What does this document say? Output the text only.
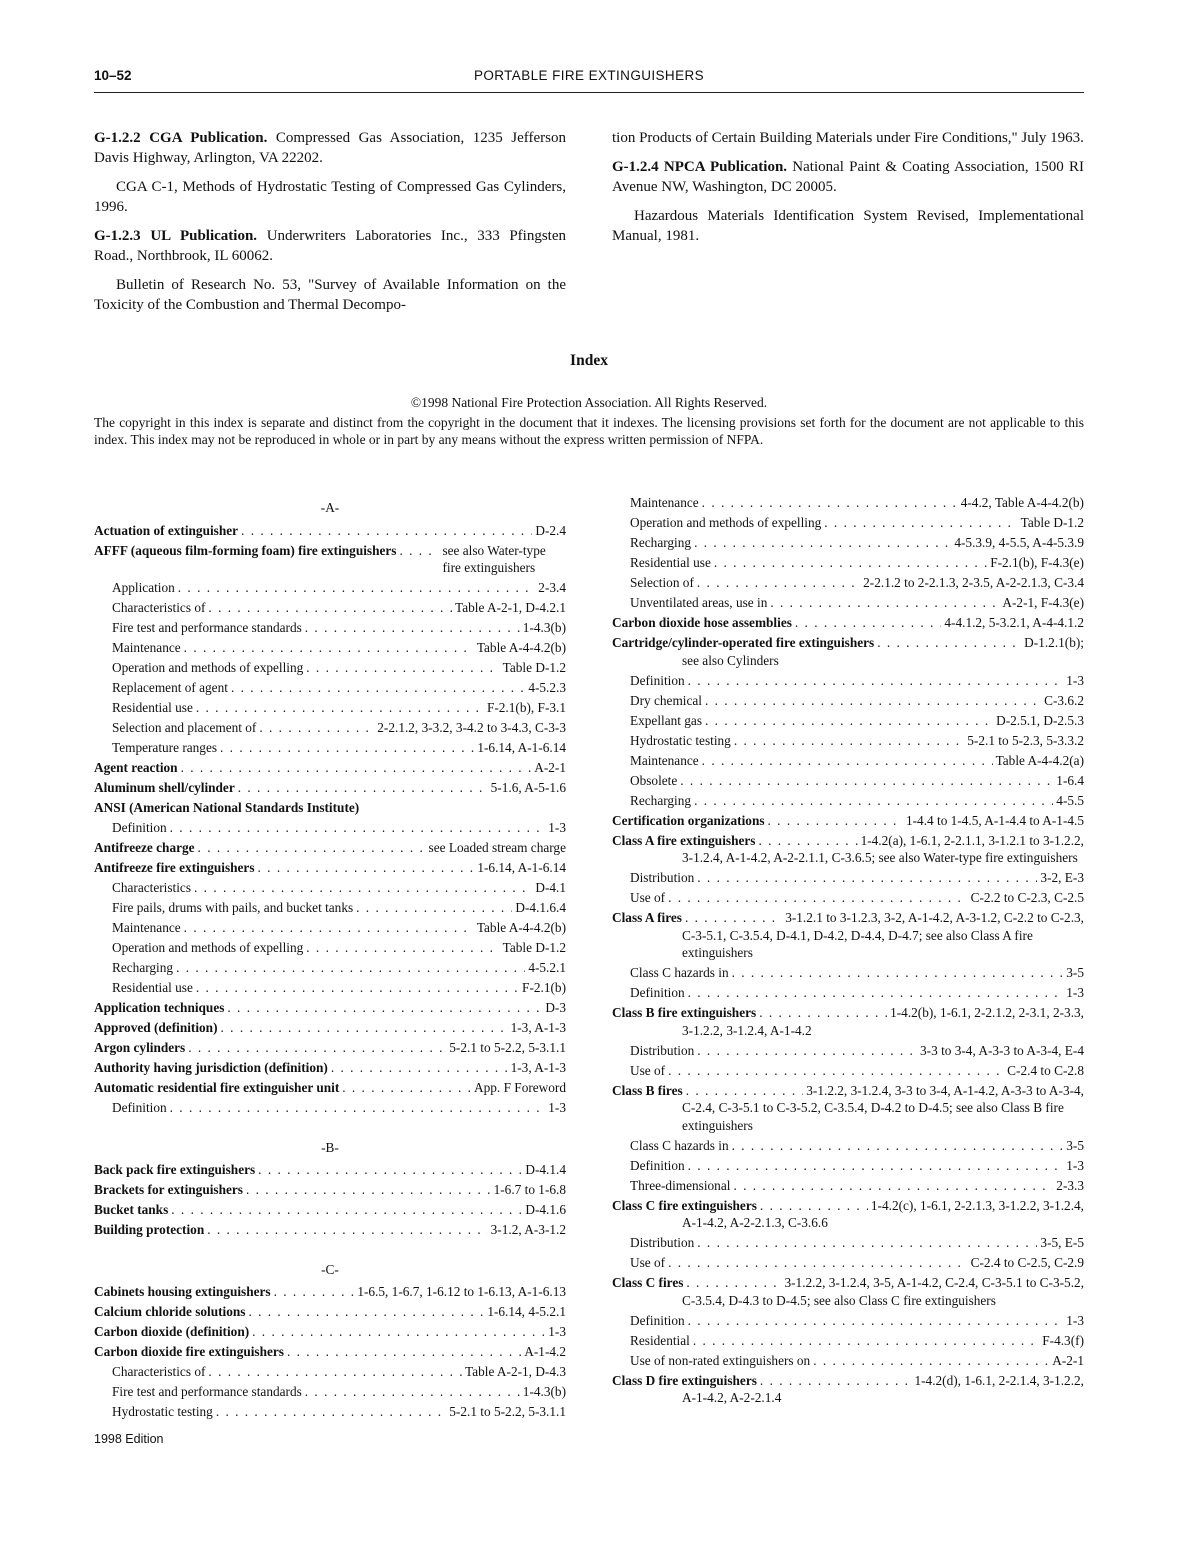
10–52	PORTABLE FIRE EXTINGUISHERS

G-1.2.2 CGA Publication. Compressed Gas Association, 1235 Jefferson Davis Highway, Arlington, VA 22202.

CGA C-1, Methods of Hydrostatic Testing of Compressed Gas Cylinders, 1996.

G-1.2.3 UL Publication. Underwriters Laboratories Inc., 333 Pfingsten Road., Northbrook, IL 60062.

Bulletin of Research No. 53, "Survey of Available Information on the Toxicity of the Combustion and Thermal Decompo-

tion Products of Certain Building Materials under Fire Conditions," July 1963.

G-1.2.4 NPCA Publication. National Paint & Coating Association, 1500 RI Avenue NW, Washington, DC 20005.

Hazardous Materials Identification System Revised, Implementational Manual, 1981.

Index
©1998 National Fire Protection Association. All Rights Reserved.
The copyright in this index is separate and distinct from the copyright in the document that it indexes. The licensing provisions set forth for the document are not applicable to this index. This index may not be reproduced in whole or in part by any means without the express written permission of NFPA.
-A-
Actuation of extinguisher . . .	D-2.4
AFFF (aqueous film-forming foam) fire extinguishers . . .	see also Water-type fire extinguishers
Application . . .	2-3.4
Characteristics of . . .	Table A-2-1, D-4.2.1
Fire test and performance standards . . .	1-4.3(b)
Maintenance . . .	Table A-4-4.2(b)
Operation and methods of expelling . . .	Table D-1.2
Replacement of agent . . .	4-5.2.3
Residential use . . .	F-2.1(b), F-3.1
Selection and placement of . . .	2-2.1.2, 3-3.2, 3-4.2 to 3-4.3, C-3-3
Temperature ranges . . .	1-6.14, A-1-6.14
Agent reaction . . .	A-2-1
Aluminum shell/cylinder . . .	5-1.6, A-5-1.6
ANSI (American National Standards Institute)
Definition . . .	1-3
Antifreeze charge . . .	see Loaded stream charge
Antifreeze fire extinguishers . . .	1-6.14, A-1-6.14
Characteristics . . .	D-4.1
Fire pails, drums with pails, and bucket tanks . . .	D-4.1.6.4
Maintenance . . .	Table A-4-4.2(b)
Operation and methods of expelling . . .	Table D-1.2
Recharging . . .	4-5.2.1
Residential use . . .	F-2.1(b)
Application techniques . . .	D-3
Approved (definition) . . .	1-3, A-1-3
Argon cylinders . . .	5-2.1 to 5-2.2, 5-3.1.1
Authority having jurisdiction (definition) . . .	1-3, A-1-3
Automatic residential fire extinguisher unit . . .	App. F Foreword
Definition . . .	1-3
-B-
Back pack fire extinguishers . . .	D-4.1.4
Brackets for extinguishers . . .	1-6.7 to 1-6.8
Bucket tanks . . .	D-4.1.6
Building protection . . .	3-1.2, A-3-1.2
-C-
Cabinets housing extinguishers . . .	1-6.5, 1-6.7, 1-6.12 to 1-6.13, A-1-6.13
Calcium chloride solutions . . .	1-6.14, 4-5.2.1
Carbon dioxide (definition) . . .	1-3
Carbon dioxide fire extinguishers . . .	A-1-4.2
Characteristics of . . .	Table A-2-1, D-4.3
Fire test and performance standards . . .	1-4.3(b)
Hydrostatic testing . . .	5-2.1 to 5-2.2, 5-3.1.1
Maintenance . . .	4-4.2, Table A-4-4.2(b)
Operation and methods of expelling . . .	Table D-1.2
Recharging . . .	4-5.3.9, 4-5.5, A-4-5.3.9
Residential use . . .	F-2.1(b), F-4.3(e)
Selection of . . .	2-2.1.2 to 2-2.1.3, 2-3.5, A-2-2.1.3, C-3.4
Unventilated areas, use in . . .	A-2-1, F-4.3(e)
Carbon dioxide hose assemblies . . .	4-4.1.2, 5-3.2.1, A-4-4.1.2
Cartridge/cylinder-operated fire extinguishers . . .	D-1.2.1(b);
see also Cylinders
Definition . . .	1-3
Dry chemical . . .	C-3.6.2
Expellant gas . . .	D-2.5.1, D-2.5.3
Hydrostatic testing . . .	5-2.1 to 5-2.3, 5-3.3.2
Maintenance . . .	Table A-4-4.2(a)
Obsolete . . .	1-6.4
Recharging . . .	4-5.5
Certification organizations . . .	1-4.4 to 1-4.5, A-1-4.4 to A-1-4.5
Class A fire extinguishers . . .	1-4.2(a), 1-6.1, 2-2.1.1, 3-1.2.1 to 3-1.2.2,
3-1.2.4, A-1-4.2, A-2-2.1.1, C-3.6.5; see also Water-type fire extinguishers
Distribution . . .	3-2, E-3
Use of . . .	C-2.2 to C-2.3, C-2.5
Class A fires . . .	3-1.2.1 to 3-1.2.3, 3-2, A-1-4.2, A-3-1.2, C-2.2 to C-2.3,
C-3-5.1, C-3.5.4, D-4.1, D-4.2, D-4.4, D-4.7; see also Class A fire extinguishers
Class C hazards in . . .	3-5
Definition . . .	1-3
Class B fire extinguishers . . .	1-4.2(b), 1-6.1, 2-2.1.2, 2-3.1, 2-3.3,
3-1.2.2, 3-1.2.4, A-1-4.2
Distribution . . .	3-3 to 3-4, A-3-3 to A-3-4, E-4
Use of . . .	C-2.4 to C-2.8
Class B fires . . .	3-1.2.2, 3-1.2.4, 3-3 to 3-4, A-1-4.2, A-3-3 to A-3-4,
C-2.4, C-3-5.1 to C-3-5.2, C-3.5.4, D-4.2 to D-4.5; see also Class B fire extinguishers
Class C hazards in . . .	3-5
Definition . . .	1-3
Three-dimensional . . .	2-3.3
Class C fire extinguishers . . .	1-4.2(c), 1-6.1, 2-2.1.3, 3-1.2.2, 3-1.2.4,
A-1-4.2, A-2-2.1.3, C-3.6.6
Distribution . . .	3-5, E-5
Use of . . .	C-2.4 to C-2.5, C-2.9
Class C fires . . .	3-1.2.2, 3-1.2.4, 3-5, A-1-4.2, C-2.4, C-3-5.1 to C-3-5.2,
C-3.5.4, D-4.3 to D-4.5; see also Class C fire extinguishers
Definition . . .	1-3
Residential . . .	F-4.3(f)
Use of non-rated extinguishers on . . .	A-2-1
Class D fire extinguishers . . .	1-4.2(d), 1-6.1, 2-2.1.4, 3-1.2.2,
A-1-4.2, A-2-2.1.4
1998 Edition
